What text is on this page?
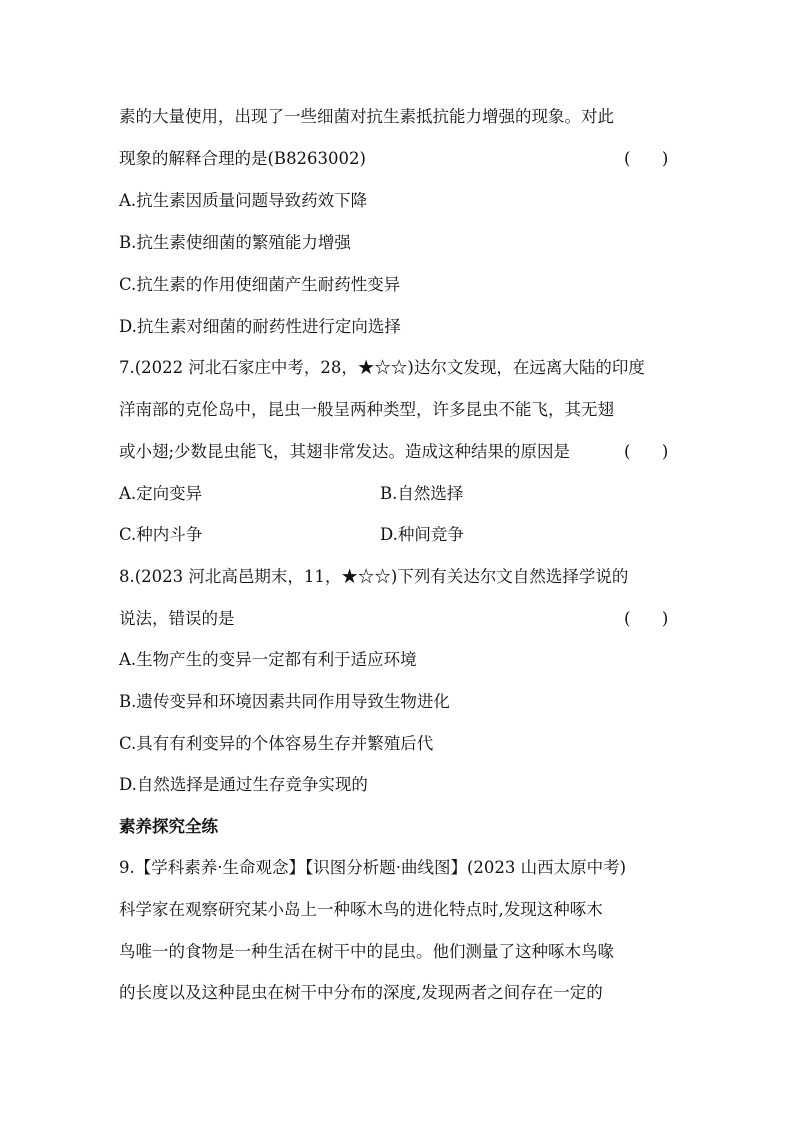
素的大量使用，出现了一些细菌对抗生素抵抗能力增强的现象。对此
现象的解释合理的是(B8263002)	(      )
A.抗生素因质量问题导致药效下降
B.抗生素使细菌的繁殖能力增强
C.抗生素的作用使细菌产生耐药性变异
D.抗生素对细菌的耐药性进行定向选择
7.(2022 河北石家庄中考，28，★☆☆)达尔文发现，在远离大陆的印度
洋南部的克伦岛中，昆虫一般呈两种类型，许多昆虫不能飞，其无翅
或小翅;少数昆虫能飞，其翅非常发达。造成这种结果的原因是	(      )
A.定向变异	B.自然选择
C.种内斗争	D.种间竞争
8.(2023 河北高邑期末，11，★☆☆)下列有关达尔文自然选择学说的
说法，错误的是	(      )
A.生物产生的变异一定都有利于适应环境
B.遗传变异和环境因素共同作用导致生物进化
C.具有有利变异的个体容易生存并繁殖后代
D.自然选择是通过生存竞争实现的
素养探究全练
9.【学科素养·生命观念】【识图分析题·曲线图】(2023 山西太原中考)
科学家在观察研究某小岛上一种啄木鸟的进化特点时,发现这种啄木
鸟唯一的食物是一种生活在树干中的昆虫。他们测量了这种啄木鸟喙
的长度以及这种昆虫在树干中分布的深度,发现两者之间存在一定的
